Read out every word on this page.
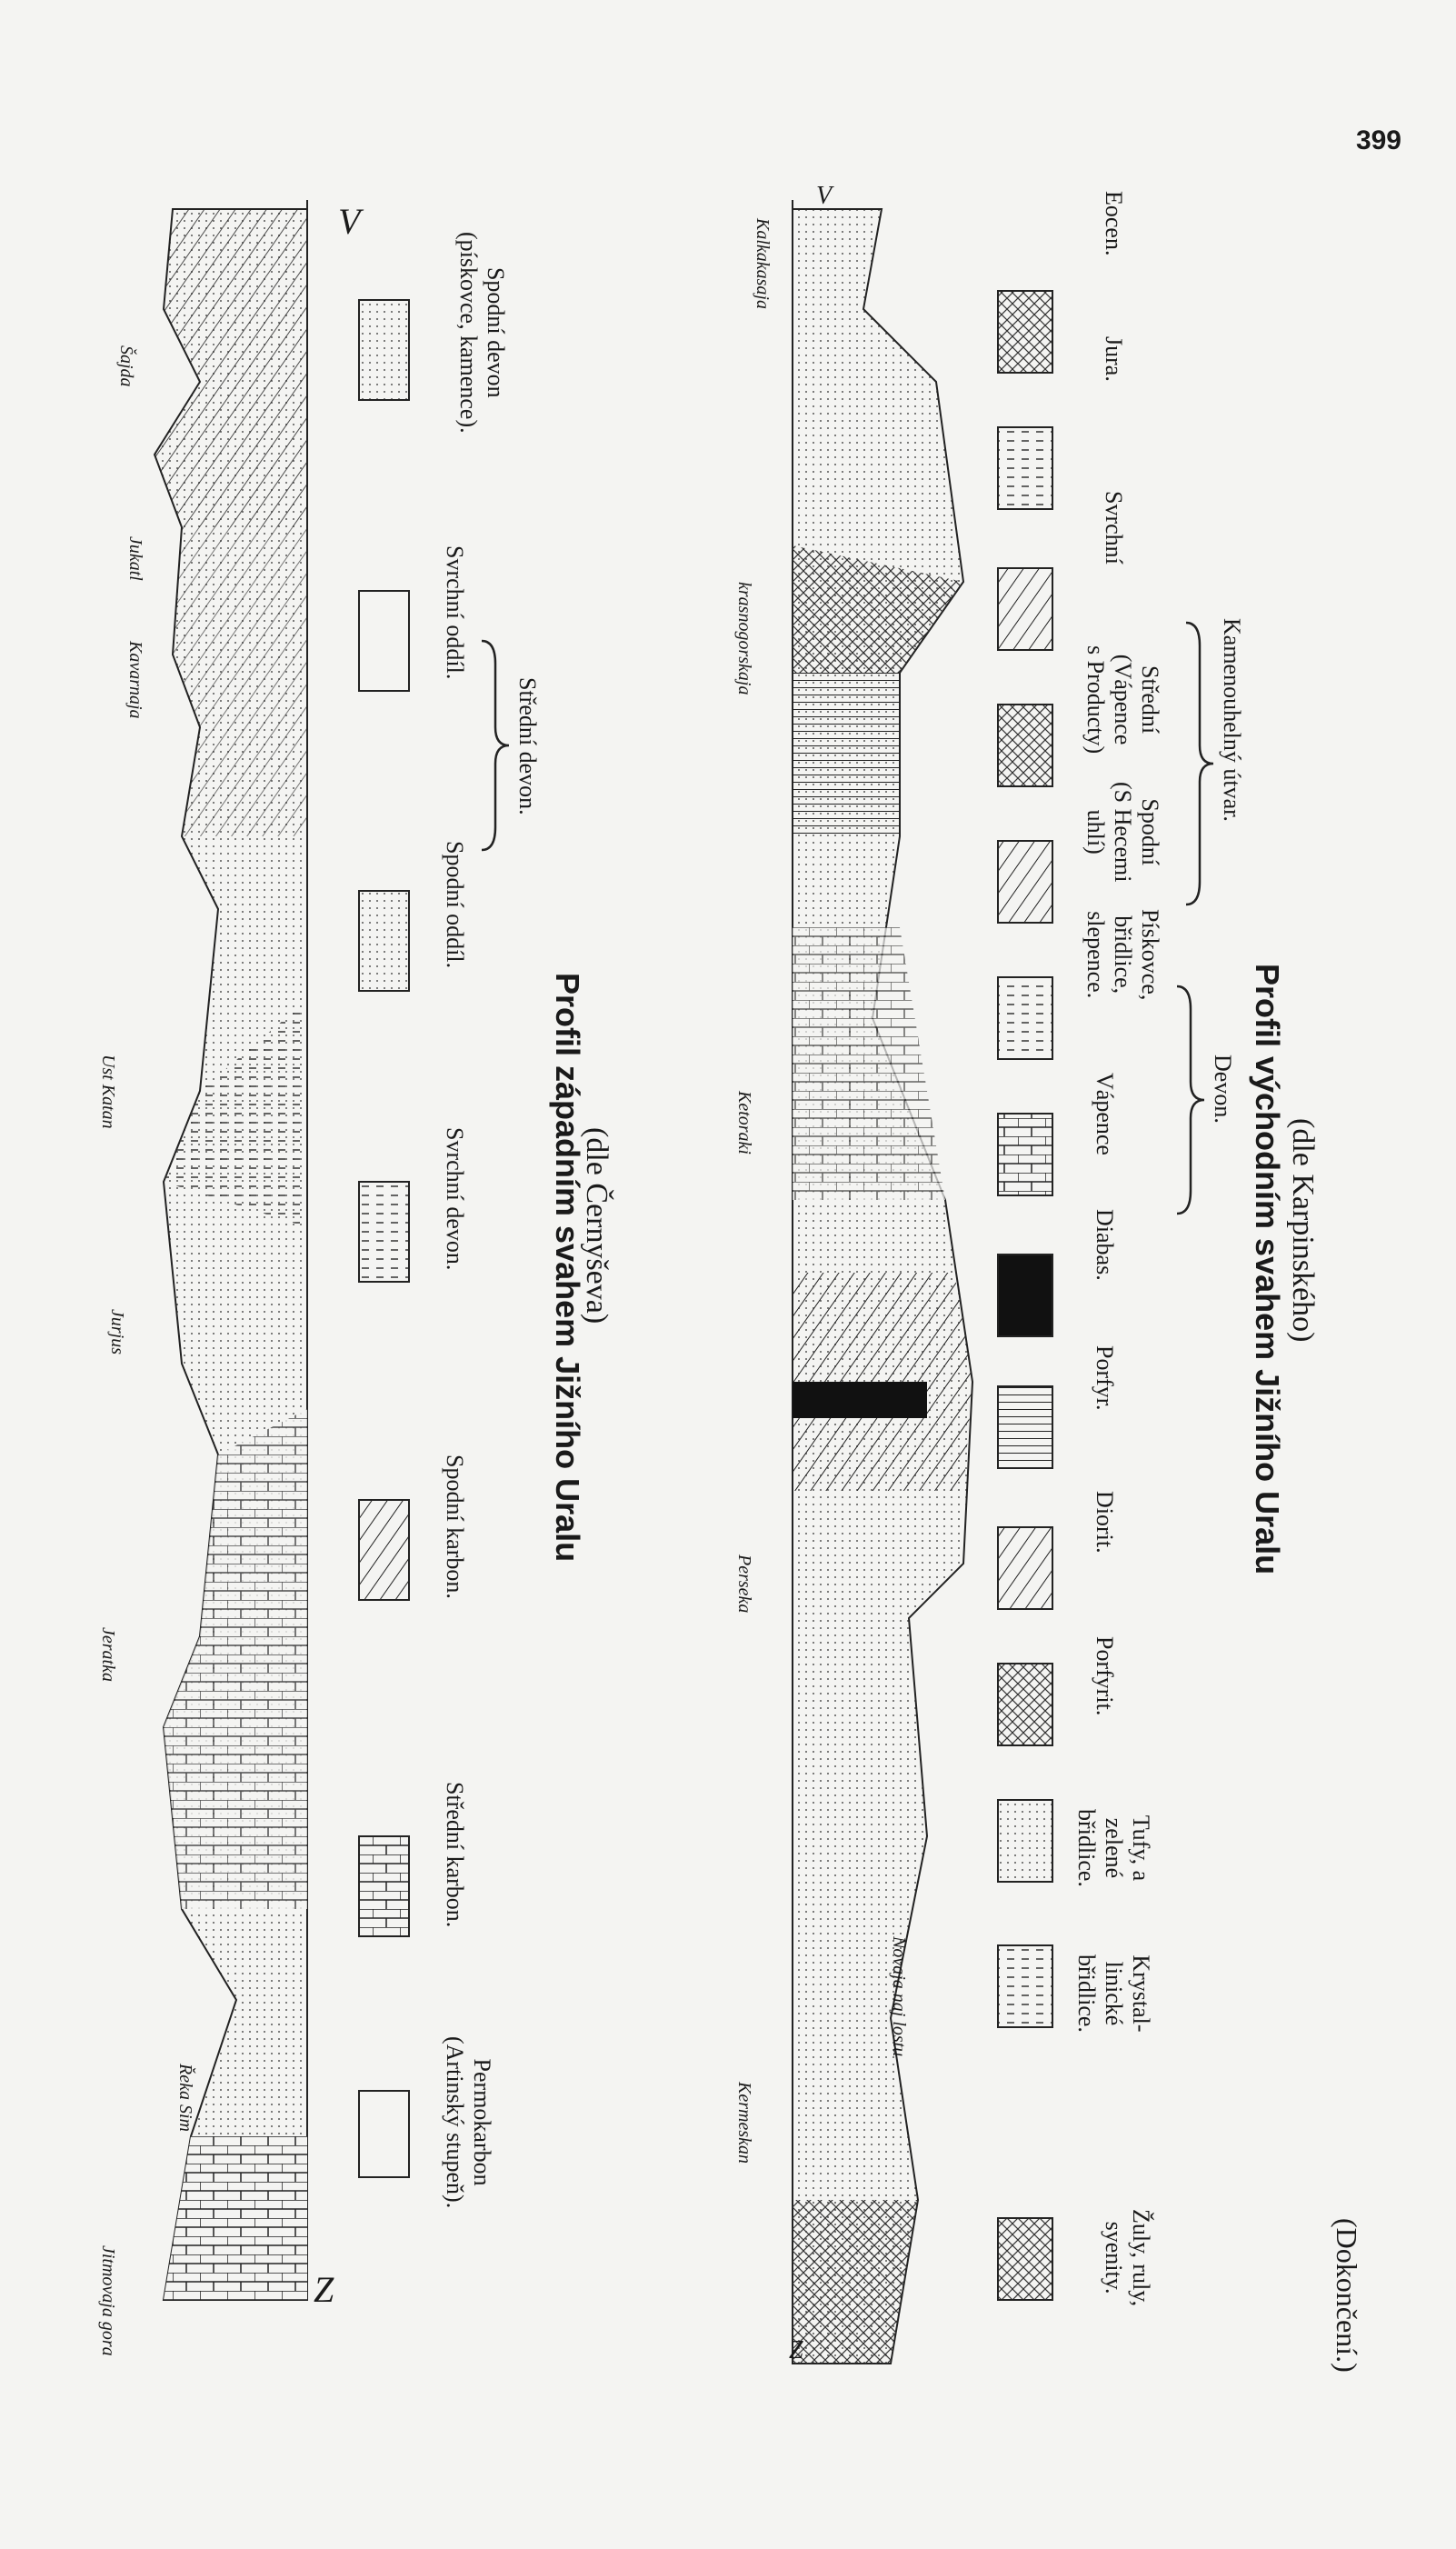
399
Jitmovaja gora
Řeka Sim
Jeratka
Jurjus
Ust Katan
Kavarnaja
Jukatl
Šajda
Z
V
Permokarbon
(Artinský stupeň).
Střední karbon.
Spodní karbon.
Svrchní devon.
Spodní oddíl.
Svrchní oddíl.
Spodní devon
(pískovce, kamence).
Střední devon.
Profil západním svahem Jižního Uralu
(dle Černyševa)
Kermeskan
Novaja naj lostu
Perseka
Ketoraki
krasnogorskaja
Kalkakasaja
Z
V
Žuly, ruly,
syenity.
Krystal-
linické
břidlice.
Tufy, a
zelené
břidlice.
Porfyrit.
Diorit.
Porfyr.
Diabas.
Vápence
Pískovce,
břidlice,
slepence.
Spodní
(S Hecemi
uhlí)
Střední
(Vápence
s Producty)
Svrchní
Jura.
Eocen.
Devon.
Kamenouhelný útvar.
Profil východním svahem Jižního Uralu (dle Karpinského)
(Dokončení.)
